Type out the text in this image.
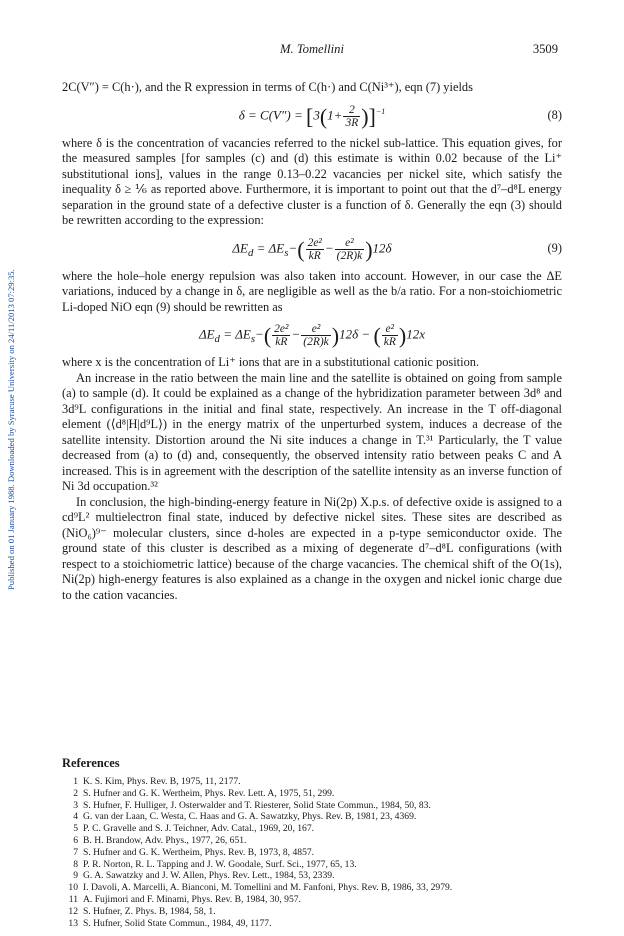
Published on 01 January 1988. Downloaded by Syracuse University on 24/11/2013 07:29:35.
M. Tomellini	3509

2C(V″) = C(h·), and the R expression in terms of C(h·) and C(Ni³⁺), eqn (7) yields

$\delta = C(V'') = [3(1+ \frac{2}{3R} )]^{-1}$	(8)

where δ is the concentration of vacancies referred to the nickel sub-lattice. This equation gives, for the measured samples [for samples (c) and (d) this estimate is within 0.02 because of the Li⁺ substitutional ions], values in the range 0.13–0.22 vacancies per nickel site, which satisfy the inequality δ ≥ ⅙ as reported above. Furthermore, it is important to point out that the d⁷–d⁸L energy separation in the ground state of a defective cluster is a function of δ. Generally the eqn (3) should be rewritten according to the expression:

$\Delta E_d = \Delta E_s-( \frac{\text{2e²}}{kR} - \frac{\text{e²}}{(2R)k} )12\delta$	(9)

where the hole–hole energy repulsion was also taken into account. However, in our case the ΔE variations, induced by a change in δ, are negligible as well as the b/a ratio. For a non-stoichiometric Li-doped NiO eqn (9) should be rewritten as

$\Delta E_d = \Delta E_s-( \frac{\text{2e²}}{kR} - \frac{\text{e²}}{(2R)k} )12\delta$ − ( $\frac{\text{e²}}{kR} )12x$

where x is the concentration of Li⁺ ions that are in a substitutional cationic position.

An increase in the ratio between the main line and the satellite is obtained on going from sample (a) to sample (d). It could be explained as a change of the hybridization parameter between 3d⁸ and 3d⁹L configurations in the initial and final state, respectively. An increase in the T off-diagonal element (⟨d⁸|H|d⁹L⟩) in the energy matrix of the unperturbed system, induces a decrease of the satellite intensity. Distortion around the Ni site induces a change in T.³¹ Particularly, the T value decreased from (a) to (d) and, consequently, the observed intensity ratio between peaks C and A increased. This is in agreement with the description of the satellite intensity as an inverse function of Ni 3d occupation.³²

In conclusion, the high-binding-energy feature in Ni(2p) X.p.s. of defective oxide is assigned to a cd⁹L² multielectron final state, induced by defective nickel sites. These sites are described as (NiO₆)⁹⁻ molecular clusters, since d-holes are expected in a p-type semiconductor oxide. The ground state of this cluster is described as a mixing of degenerate d⁷–d⁸L configurations (with respect to a stoichiometric lattice) because of the charge vacancies. The chemical shift of the O(1s), Ni(2p) high-energy features is also explained as a change in the oxygen and nickel ionic charge due to the cation vacancies.

References
1 K. S. Kim, Phys. Rev. B, 1975, 11, 2177.
2 S. Hufner and G. K. Wertheim, Phys. Rev. Lett. A, 1975, 51, 299.
3 S. Hufner, F. Hulliger, J. Osterwalder and T. Riesterer, Solid State Commun., 1984, 50, 83.
4 G. van der Laan, C. Westa, C. Haas and G. A. Sawatzky, Phys. Rev. B, 1981, 23, 4369.
5 P. C. Gravelle and S. J. Teichner, Adv. Catal., 1969, 20, 167.
6 B. H. Brandow, Adv. Phys., 1977, 26, 651.
7 S. Hufner and G. K. Wertheim, Phys. Rev. B, 1973, 8, 4857.
8 P. R. Norton, R. L. Tapping and J. W. Goodale, Surf. Sci., 1977, 65, 13.
9 G. A. Sawatzky and J. W. Allen, Phys. Rev. Lett., 1984, 53, 2339.
10 I. Davoli, A. Marcelli, A. Bianconi, M. Tomellini and M. Fanfoni, Phys. Rev. B, 1986, 33, 2979.
11 A. Fujimori and F. Minami, Phys. Rev. B, 1984, 30, 957.
12 S. Hufner, Z. Phys. B, 1984, 58, 1.
13 S. Hufner, Solid State Commun., 1984, 49, 1177.
